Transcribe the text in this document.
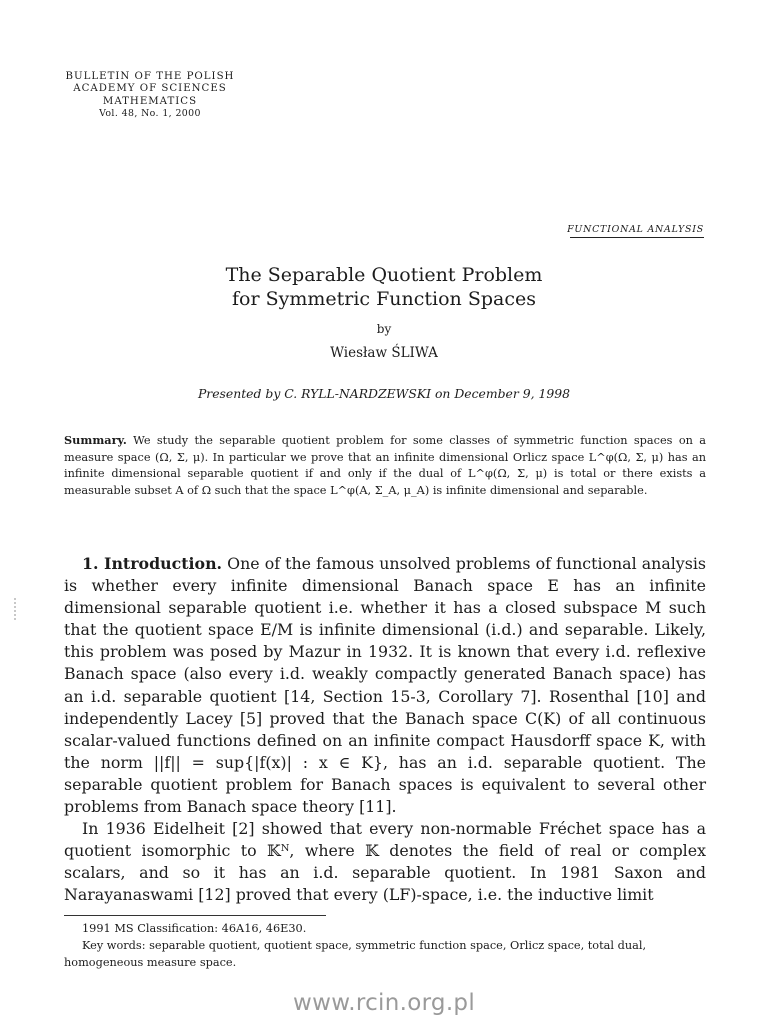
BULLETIN OF THE POLISH
ACADEMY OF SCIENCES
MATHEMATICS
Vol. 48, No. 1, 2000
FUNCTIONAL ANALYSIS
The Separable Quotient Problem
for Symmetric Function Spaces
by
Wiesław ŚLIWA
Presented by C. RYLL-NARDZEWSKI on December 9, 1998
Summary. We study the separable quotient problem for some classes of symmetric function spaces on a measure space (Ω, Σ, μ). In particular we prove that an infinite dimensional Orlicz space L^φ(Ω, Σ, μ) has an infinite dimensional separable quotient if and only if the dual of L^φ(Ω, Σ, μ) is total or there exists a measurable subset A of Ω such that the space L^φ(A, Σ_A, μ_A) is infinite dimensional and separable.

1. Introduction. One of the famous unsolved problems of functional analysis is whether every infinite dimensional Banach space E has an infinite dimensional separable quotient i.e. whether it has a closed subspace M such that the quotient space E/M is infinite dimensional (i.d.) and separable. Likely, this problem was posed by Mazur in 1932. It is known that every i.d. reflexive Banach space (also every i.d. weakly compactly generated Banach space) has an i.d. separable quotient [14, Section 15-3, Corollary 7]. Rosenthal [10] and independently Lacey [5] proved that the Banach space C(K) of all continuous scalar-valued functions defined on an infinite compact Hausdorff space K, with the norm ||f|| = sup{|f(x)| : x ∈ K}, has an i.d. separable quotient. The separable quotient problem for Banach spaces is equivalent to several other problems from Banach space theory [11].

In 1936 Eidelheit [2] showed that every non-normable Fréchet space has a quotient isomorphic to 𝕂ᴺ, where 𝕂 denotes the field of real or complex scalars, and so it has an i.d. separable quotient. In 1981 Saxon and Narayanaswami [12] proved that every (LF)-space, i.e. the inductive limit

1991 MS Classification: 46A16, 46E30.
Key words: separable quotient, quotient space, symmetric function space, Orlicz space, total dual, homogeneous measure space.
www.rcin.org.pl
